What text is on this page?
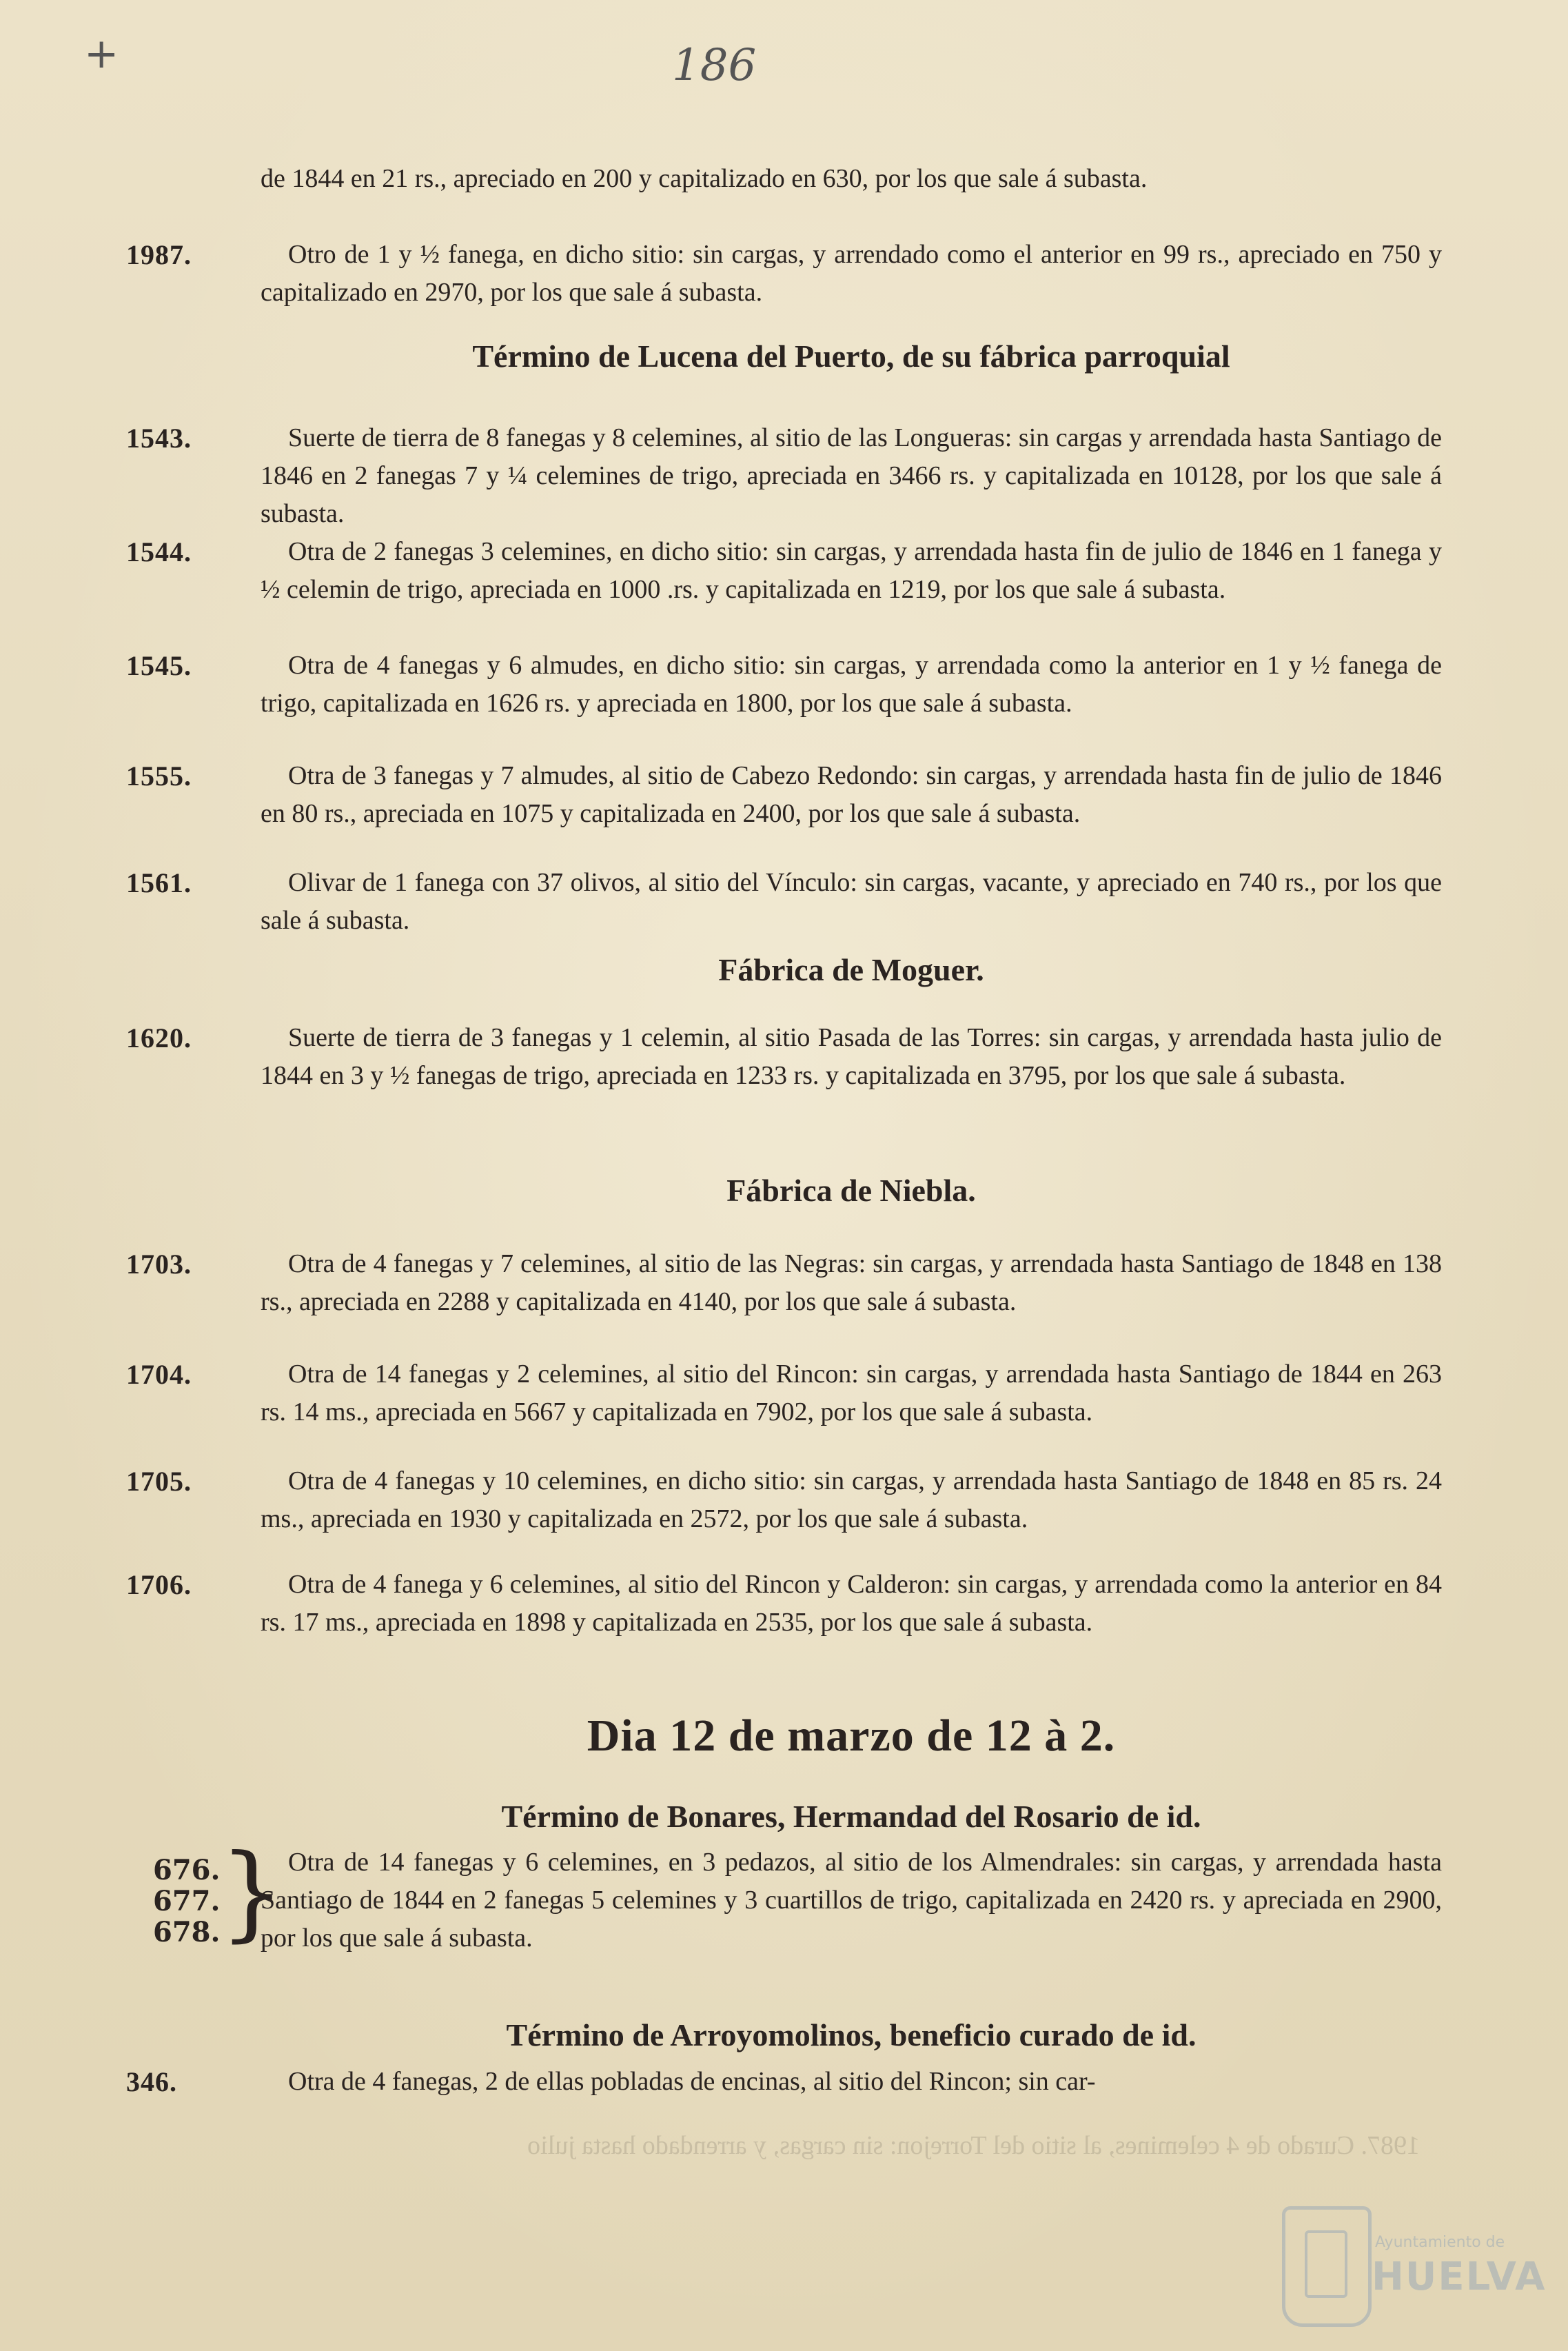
+	186
de 1844 en 21 rs., apreciado en 200 y capitalizado en 630, por los que sale á subasta.
1987.	Otro de 1 y ½ fanega, en dicho sitio: sin cargas, y arrendado como el anterior en 99 rs., apreciado en 750 y capitalizado en 2970, por los que sale á subasta.
Término de Lucena del Puerto, de su fábrica parroquial
1543.	Suerte de tierra de 8 fanegas y 8 celemines, al sitio de las Longueras: sin cargas y arrendada hasta Santiago de 1846 en 2 fanegas 7 y ¼ celemines de trigo, apreciada en 3466 rs. y capitalizada en 10128, por los que sale á subasta.
1544.	Otra de 2 fanegas 3 celemines, en dicho sitio: sin cargas, y arrendada hasta fin de julio de 1846 en 1 fanega y ½ celemin de trigo, apreciada en 1000 .rs. y capitalizada en 1219, por los que sale á subasta.
1545.	Otra de 4 fanegas y 6 almudes, en dicho sitio: sin cargas, y arrendada como la anterior en 1 y ½ fanega de trigo, capitalizada en 1626 rs. y apreciada en 1800, por los que sale á subasta.
1555.	Otra de 3 fanegas y 7 almudes, al sitio de Cabezo Redondo: sin cargas, y arrendada hasta fin de julio de 1846 en 80 rs., apreciada en 1075 y capitalizada en 2400, por los que sale á subasta.
1561.	Olivar de 1 fanega con 37 olivos, al sitio del Vínculo: sin cargas, vacante, y apreciado en 740 rs., por los que sale á subasta.
Fábrica de Moguer.
1620.	Suerte de tierra de 3 fanegas y 1 celemin, al sitio Pasada de las Torres: sin cargas, y arrendada hasta julio de 1844 en 3 y ½ fanegas de trigo, apreciada en 1233 rs. y capitalizada en 3795, por los que sale á subasta.
Fábrica de Niebla.
1703.	Otra de 4 fanegas y 7 celemines, al sitio de las Negras: sin cargas, y arrendada hasta Santiago de 1848 en 138 rs., apreciada en 2288 y capitalizada en 4140, por los que sale á subasta.
1704.	Otra de 14 fanegas y 2 celemines, al sitio del Rincon: sin cargas, y arrendada hasta Santiago de 1844 en 263 rs. 14 ms., apreciada en 5667 y capitalizada en 7902, por los que sale á subasta.
1705.	Otra de 4 fanegas y 10 celemines, en dicho sitio: sin cargas, y arrendada hasta Santiago de 1848 en 85 rs. 24 ms., apreciada en 1930 y capitalizada en 2572, por los que sale á subasta.
1706.	Otra de 4 fanega y 6 celemines, al sitio del Rincon y Calderon: sin cargas, y arrendada como la anterior en 84 rs. 17 ms., apreciada en 1898 y capitalizada en 2535, por los que sale á subasta.
Dia 12 de marzo de 12 à 2.
Término de Bonares, Hermandad del Rosario de id.
676.
677.
678.
} Otra de 14 fanegas y 6 celemines, en 3 pedazos, al sitio de los Almendrales: sin cargas, y arrendada hasta Santiago de 1844 en 2 fanegas 5 celemines y 3 cuartillos de trigo, capitalizada en 2420 rs. y apreciada en 2900, por los que sale á subasta.
Término de Arroyomolinos, beneficio curado de id.
346.	Otra de 4 fanegas, 2 de ellas pobladas de encinas, al sitio del Rincon; sin car-
1987. Curado de 4 celemines, al sitio del Torrejon: sin cargas, y arrendado hasta julio
Ayuntamiento de
HUELVA
